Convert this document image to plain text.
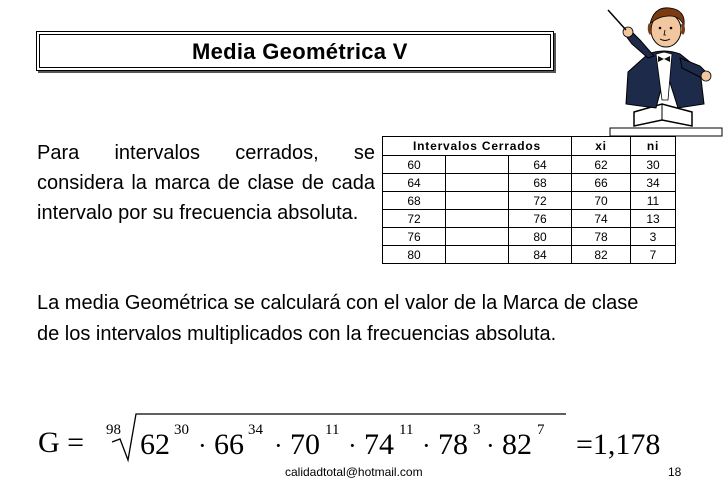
Media Geométrica V
Para intervalos cerrados, se considera la marca de clase de cada intervalo por su frecuencia absoluta.
Intervalos Cerrados			xi	ni
60		64	62	30
64		68	66	34
68		72	70	11
72		76	74	13
76		80	78	3
80		84	82	7
La media Geométrica se calculará con el valor de la Marca de clase de los intervalos multiplicados con la frecuencias absoluta.
G = 98 62 30
· 66 34
· 70 11
· 74 11
· 78 3
· 82 7 =1,178
calidadtotal@hotmail.com	18
